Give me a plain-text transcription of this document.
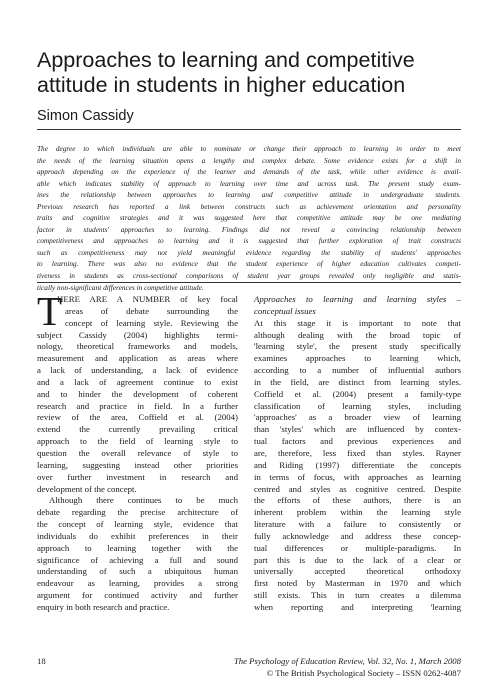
Approaches to learning and competitive
attitude in students in higher education
Simon Cassidy
The degree to which individuals are able to nominate or change their approach to learning in order to meet
the needs of the learning situation opens a lengthy and complex debate. Some evidence exists for a shift in
approach depending on the experience of the learner and demands of the task, while other evidence is avail-
able which indicates stability of approach to learning over time and across task. The present study exam-
ines the relationship between approaches to learning and competitive attitude in undergraduate students.
Previous research has reported a link between constructs such as achievement orientation and personality
traits and cognitive strategies and it was suggested here that competitive attitude may be one mediating
factor in students' approaches to learning. Findings did not reveal a convincing relationship between
competitiveness and approaches to learning and it is suggested that further exploration of trait constructs
such as competitiveness may not yield meaningful evidence regarding the stability of students' approaches
to learning. There was also no evidence that the student experience of higher education cultivates competi-
tiveness in students as cross-sectional comparisons of student year groups revealed only negligible and statis-
tically non-significant differences in competitive attitude.
T
HERE ARE A NUMBER of key focal
areas of debate surrounding the
concept of learning style. Reviewing the
subject Cassidy (2004) highlights termi-
nology, theoretical frameworks and models,
measurement and application as areas where
a lack of understanding, a lack of evidence
and a lack of agreement continue to exist
and to hinder the development of coherent
research and practice in field. In a further
review of the area, Coffield et al. (2004)
extend the currently prevailing critical
approach to the field of learning style to
question the overall relevance of style to
learning, suggesting instead other priorities
over further investment in research and
development of the concept.
Although there continues to be much
debate regarding the precise architecture of
the concept of learning style, evidence that
individuals do exhibit preferences in their
approach to learning together with the
significance of achieving a full and sound
understanding of such a ubiquitous human
endeavour as learning, provides a strong
argument for continued activity and further
enquiry in both research and practice.
Approaches to learning and learning styles –
conceptual issues
At this stage it is important to note that
although dealing with the broad topic of
'learning style', the present study specifically
examines approaches to learning which,
according to a number of influential authors
in the field, are distinct from learning styles.
Coffield et al. (2004) present a family-type
classification of learning styles, including
'approaches' as a broader view of learning
than 'styles' which are influenced by contex-
tual factors and previous experiences and
are, therefore, less fixed than styles. Rayner
and Riding (1997) differentiate the concepts
in terms of focus, with approaches as learning
centred and styles as cognitive centred. Despite
the efforts of these authors, there is an
inherent problem within the learning style
literature with a failure to consistently or
fully acknowledge and address these concep-
tual differences or multiple-paradigms. In
part this is due to the lack of a clear or
universally accepted theoretical orthodoxy
first noted by Masterman in 1970 and which
still exists. This in turn creates a dilemma
when reporting and interpreting 'learning
18	The Psychology of Education Review, Vol. 32, No. 1, March 2008
© The British Psychological Society – ISSN 0262-4087
